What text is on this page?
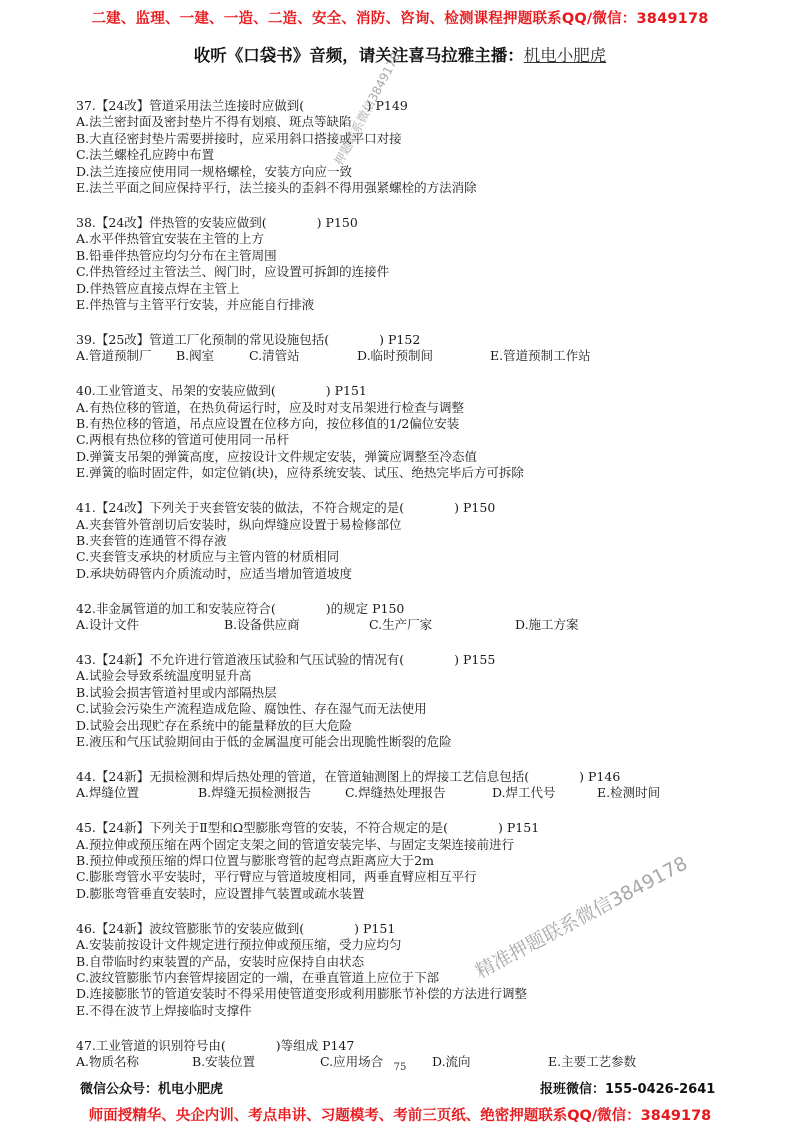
二建、监理、一建、一造、二造、安全、消防、咨询、检测课程押题联系QQ/微信：3849178
收听《口袋书》音频，请关注喜马拉雅主播：机电小肥虎
37.【24改】管道采用法兰连接时应做到(　　　　　) P149
A.法兰密封面及密封垫片不得有划痕、斑点等缺陷
B.大直径密封垫片需要拼接时，应采用斜口搭接或平口对接
C.法兰螺栓孔应跨中布置
D.法兰连接应使用同一规格螺栓，安装方向应一致
E.法兰平面之间应保持平行，法兰接头的歪斜不得用强紧螺栓的方法消除
38.【24改】伴热管的安装应做到(　　　　) P150
A.水平伴热管宜安装在主管的上方
B.铅垂伴热管应均匀分布在主管周围
C.伴热管经过主管法兰、阀门时，应设置可拆卸的连接件
D.伴热管应直接点焊在主管上
E.伴热管与主管平行安装，并应能自行排液
39.【25改】管道工厂化预制的常见设施包括(　　　　) P152
A.管道预制厂	B.阀室	C.清管站	D.临时预制间	E.管道预制工作站
40.工业管道支、吊架的安装应做到(　　　　) P151
A.有热位移的管道，在热负荷运行时，应及时对支吊架进行检查与调整
B.有热位移的管道，吊点应设置在位移方向，按位移值的1/2偏位安装
C.两根有热位移的管道可使用同一吊杆
D.弹簧支吊架的弹簧高度，应按设计文件规定安装，弹簧应调整至冷态值
E.弹簧的临时固定件，如定位销(块)，应待系统安装、试压、绝热完毕后方可拆除
41.【24改】下列关于夹套管安装的做法，不符合规定的是(　　　　) P150
A.夹套管外管剖切后安装时，纵向焊缝应设置于易检修部位
B.夹套管的连通管不得存液
C.夹套管支承块的材质应与主管内管的材质相同
D.承块妨碍管内介质流动时，应适当增加管道坡度
42.非金属管道的加工和安装应符合(　　　　)的规定 P150
A.设计文件	B.设备供应商	C.生产厂家	D.施工方案
43.【24新】不允许进行管道液压试验和气压试验的情况有(　　　　) P155
A.试验会导致系统温度明显升高
B.试验会损害管道衬里或内部隔热层
C.试验会污染生产流程造成危险、腐蚀性、存在湿气而无法使用
D.试验会出现贮存在系统中的能量释放的巨大危险
E.液压和气压试验期间由于低的金属温度可能会出现脆性断裂的危险
44.【24新】无损检测和焊后热处理的管道，在管道轴测图上的焊接工艺信息包括(　　　　) P146
A.焊缝位置	B.焊缝无损检测报告	C.焊缝热处理报告	D.焊工代号	E.检测时间
45.【24新】下列关于Ⅱ型和Ω型膨胀弯管的安装，不符合规定的是(　　　　) P151
A.预拉伸或预压缩在两个固定支架之间的管道安装完毕、与固定支架连接前进行
B.预拉伸或预压缩的焊口位置与膨胀弯管的起弯点距离应大于2m
C.膨胀弯管水平安装时，平行臂应与管道坡度相同，两垂直臂应相互平行
D.膨胀弯管垂直安装时，应设置排气装置或疏水装置
46.【24新】波纹管膨胀节的安装应做到(　　　　) P151
A.安装前按设计文件规定进行预拉伸或预压缩，受力应均匀
B.自带临时约束装置的产品，安装时应保持自由状态
C.波纹管膨胀节内套管焊接固定的一端，在垂直管道上应位于下部
D.连接膨胀节的管道安装时不得采用使管道变形或利用膨胀节补偿的方法进行调整
E.不得在波节上焊接临时支撑件
47.工业管道的识别符号由(　　　　)等组成 P147
A.物质名称	B.安装位置	C.应用场合	D.流向	E.主要工艺参数
押题联系微信3849178
精准押题联系微信3849178
75
微信公众号：机电小肥虎	报班微信：155-0426-2641
师面授精华、央企内训、考点串讲、习题模考、考前三页纸、绝密押题联系QQ/微信：3849178
